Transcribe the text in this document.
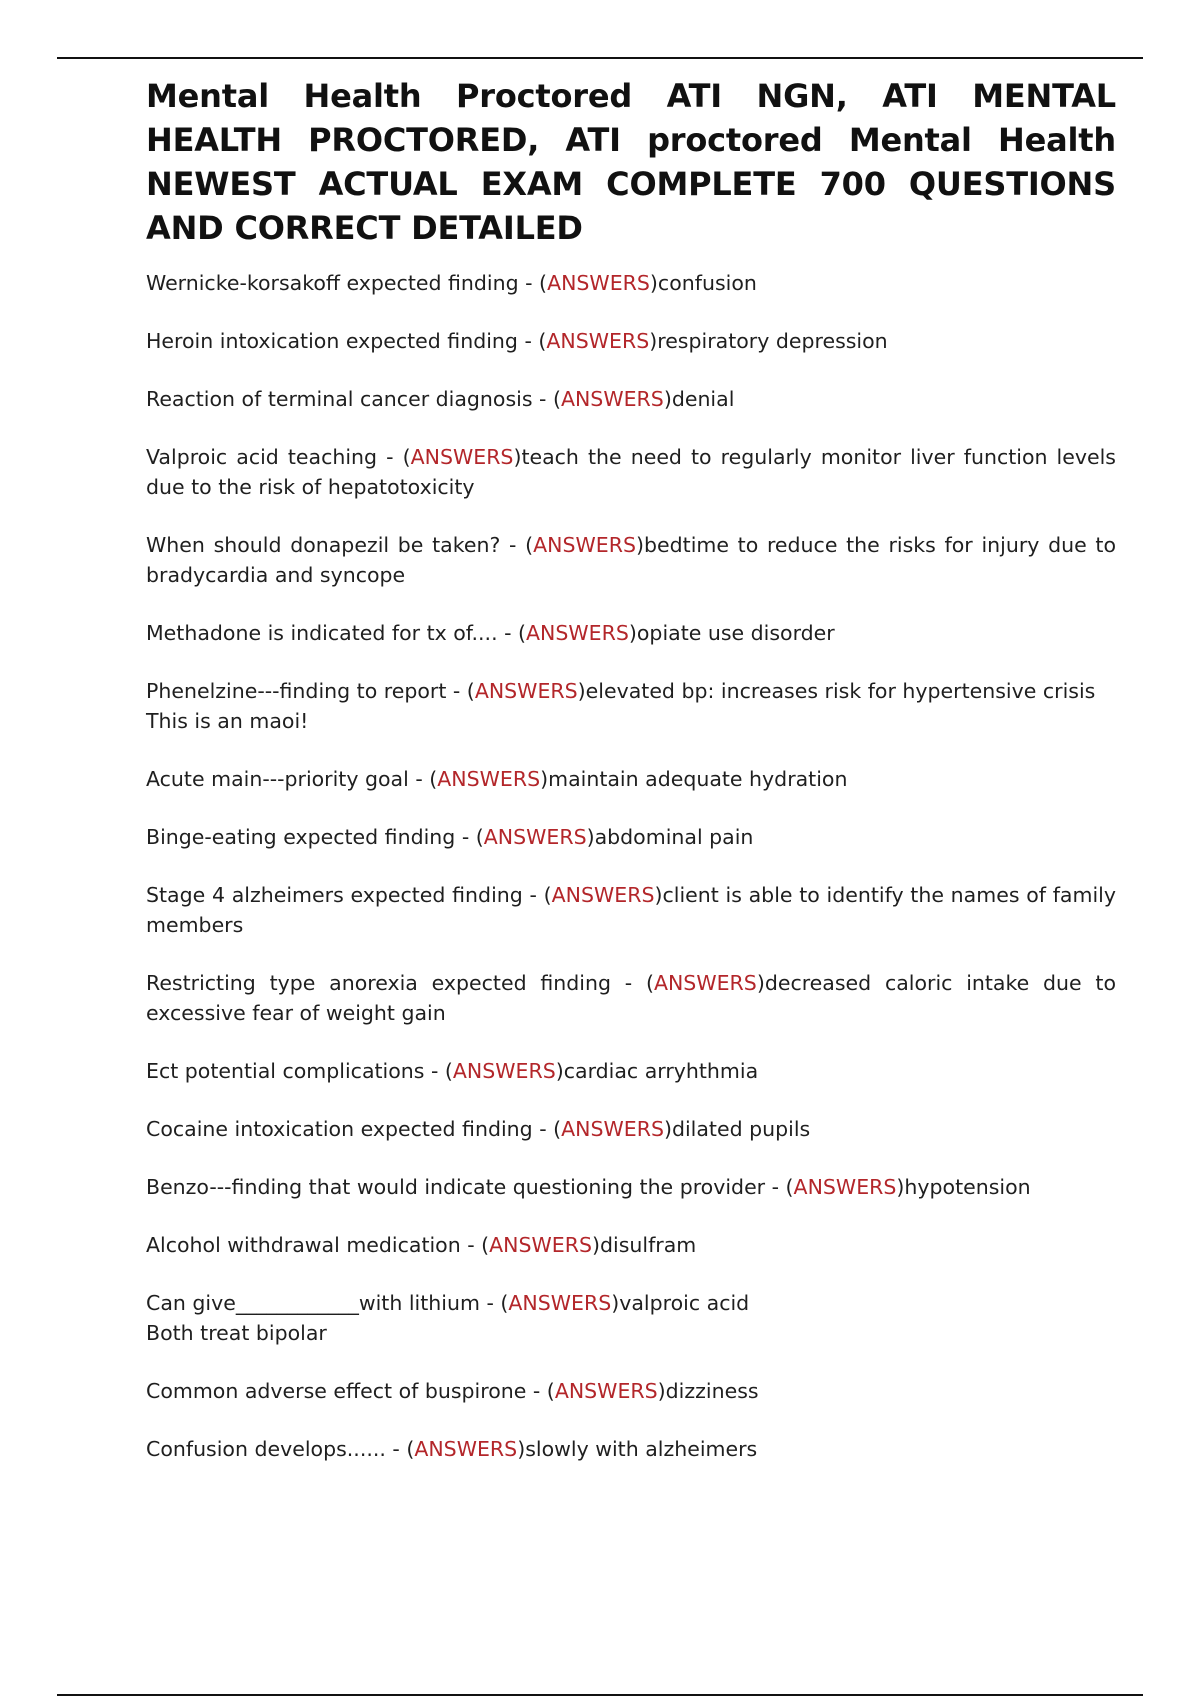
Mental Health Proctored ATI NGN, ATI MENTAL HEALTH PROCTORED, ATI proctored Mental Health NEWEST ACTUAL EXAM COMPLETE 700 QUESTIONS AND CORRECT DETAILED
Wernicke-korsakoff expected finding - (ANSWERS)confusion
Heroin intoxication expected finding - (ANSWERS)respiratory depression
Reaction of terminal cancer diagnosis - (ANSWERS)denial
Valproic acid teaching - (ANSWERS)teach the need to regularly monitor liver function levels due to the risk of hepatotoxicity
When should donapezil be taken? - (ANSWERS)bedtime to reduce the risks for injury due to bradycardia and syncope
Methadone is indicated for tx of.... - (ANSWERS)opiate use disorder
Phenelzine---finding to report - (ANSWERS)elevated bp: increases risk for hypertensive crisis
This is an maoi!
Acute main---priority goal - (ANSWERS)maintain adequate hydration
Binge-eating expected finding - (ANSWERS)abdominal pain
Stage 4 alzheimers expected finding - (ANSWERS)client is able to identify the names of family members
Restricting type anorexia expected finding - (ANSWERS)decreased caloric intake due to excessive fear of weight gain
Ect potential complications - (ANSWERS)cardiac arryhthmia
Cocaine intoxication expected finding - (ANSWERS)dilated pupils
Benzo---finding that would indicate questioning the provider - (ANSWERS)hypotension
Alcohol withdrawal medication - (ANSWERS)disulfram
Can give____________with lithium - (ANSWERS)valproic acid
Both treat bipolar
Common adverse effect of buspirone - (ANSWERS)dizziness
Confusion develops...... - (ANSWERS)slowly with alzheimers
